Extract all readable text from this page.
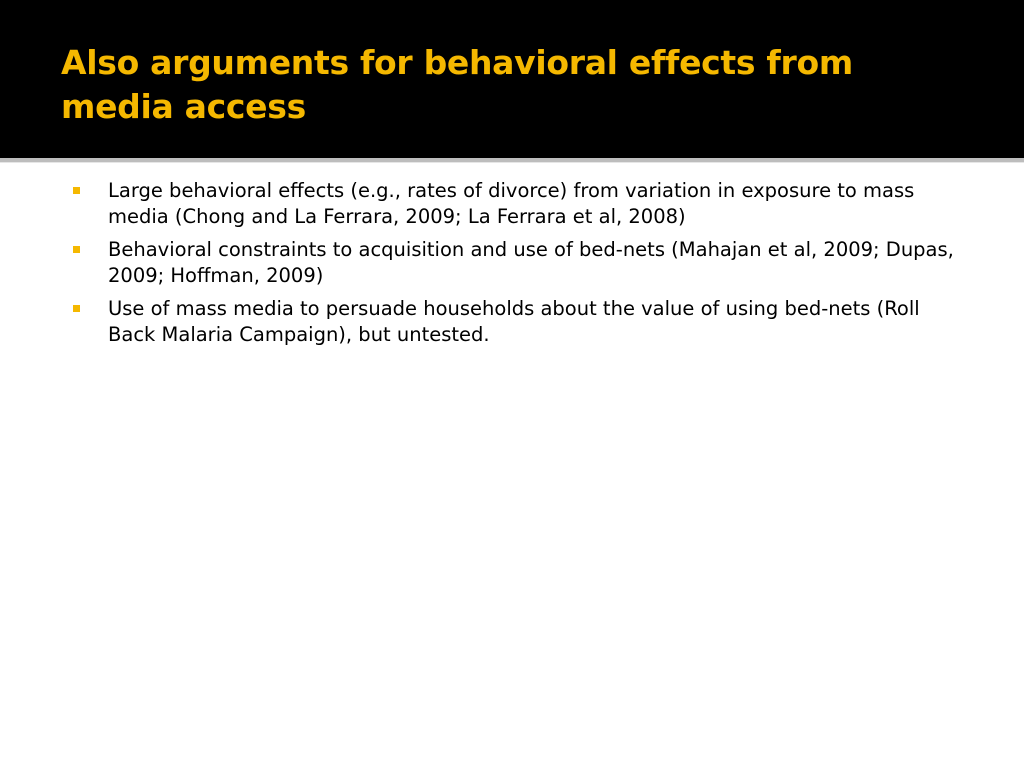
Also arguments for behavioral effects from media access
Large behavioral effects (e.g., rates of divorce) from variation in exposure to mass media (Chong and La Ferrara, 2009; La Ferrara et al, 2008)
Behavioral constraints to acquisition and use of bed-nets (Mahajan et al, 2009; Dupas, 2009; Hoffman, 2009)
Use of mass media to persuade households about the value of using bed-nets (Roll Back Malaria Campaign), but untested.
